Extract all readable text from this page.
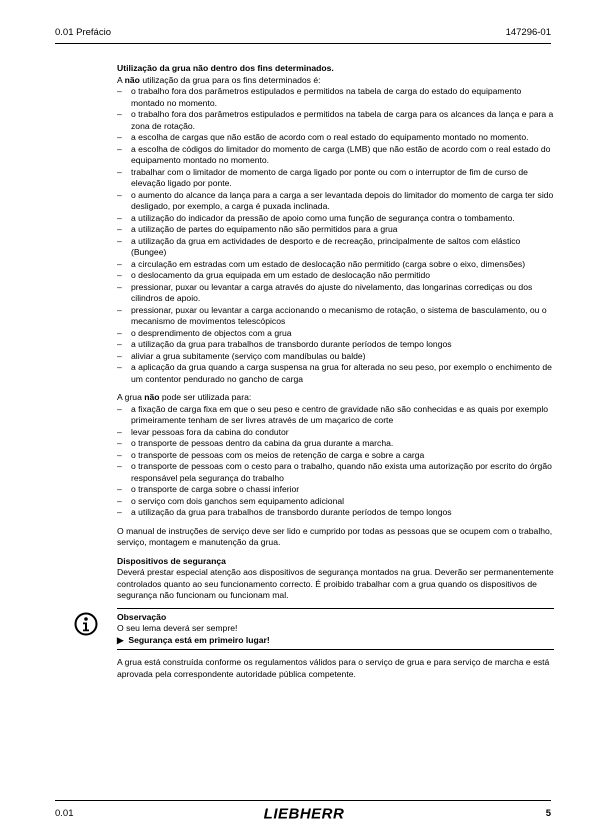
0.01 Prefácio	147296-01

Utilização da grua não dentro dos fins determinados.

A não utilização da grua para os fins determinados é:

– o trabalho fora dos parâmetros estipulados e permitidos na tabela de carga do estado do equipamento montado no momento.
– o trabalho fora dos parâmetros estipulados e permitidos na tabela de carga para os alcances da lança e para a zona de rotação.
– a escolha de cargas que não estão de acordo com o real estado do equipamento montado no momento.
– a escolha de códigos do limitador do momento de carga (LMB) que não estão de acordo com o real estado do equipamento montado no momento.
– trabalhar com o limitador de momento de carga ligado por ponte ou com o interruptor de fim de curso de elevação ligado por ponte.
– o aumento do alcance da lança para a carga a ser levantada depois do limitador do momento de carga ter sido desligado, por exemplo, a carga é puxada inclinada.
– a utilização do indicador da pressão de apoio como uma função de segurança contra o tombamento.
– a utilização de partes do equipamento não são permitidos para a grua
– a utilização da grua em actividades de desporto e de recreação, principalmente de saltos com elástico (Bungee)
– a circulação em estradas com um estado de deslocação não permitido (carga sobre o eixo, dimensões)
– o deslocamento da grua equipada em um estado de deslocação não permitido
– pressionar, puxar ou levantar a carga através do ajuste do nivelamento, das longarinas corrediças ou dos cilindros de apoio.
– pressionar, puxar ou levantar a carga accionando o mecanismo de rotação, o sistema de basculamento, ou o mecanismo de movimentos telescópicos
– o desprendimento de objectos com a grua
– a utilização da grua para trabalhos de transbordo durante períodos de tempo longos
– aliviar a grua subitamente (serviço com mandíbulas ou balde)
– a aplicação da grua quando a carga suspensa na grua for alterada no seu peso, por exemplo o enchimento de um contentor pendurado no gancho de carga

A grua não pode ser utilizada para:

– a fixação de carga fixa em que o seu peso e centro de gravidade não são conhecidas e as quais por exemplo primeiramente tenham de ser livres através de um maçarico de corte
– levar pessoas fora da cabina do condutor
– o transporte de pessoas dentro da cabina da grua durante a marcha.
– o transporte de pessoas com os meios de retenção de carga e sobre a carga
– o transporte de pessoas com o cesto para o trabalho, quando não exista uma autorização por escrito do órgão responsável pela segurança do trabalho
– o transporte de carga sobre o chassi inferior
– o serviço com dois ganchos sem equipamento adicional
– a utilização da grua para trabalhos de transbordo durante períodos de tempo longos

O manual de instruções de serviço deve ser lido e cumprido por todas as pessoas que se ocupem com o trabalho, serviço, montagem e manutenção da grua.

Dispositivos de segurança

Deverá prestar especial atenção aos dispositivos de segurança montados na grua. Deverão ser permanentemente controlados quanto ao seu funcionamento correcto. É proibido trabalhar com a grua quando os dispositivos de segurança não funcionam ou funcionam mal.

Observação
O seu lema deverá ser sempre!
▶ Segurança está em primeiro lugar!

A grua está construída conforme os regulamentos válidos para o serviço de grua e para serviço de marcha e está aprovada pela correspondente autoridade pública competente.

0.01	LIEBHERR	5
